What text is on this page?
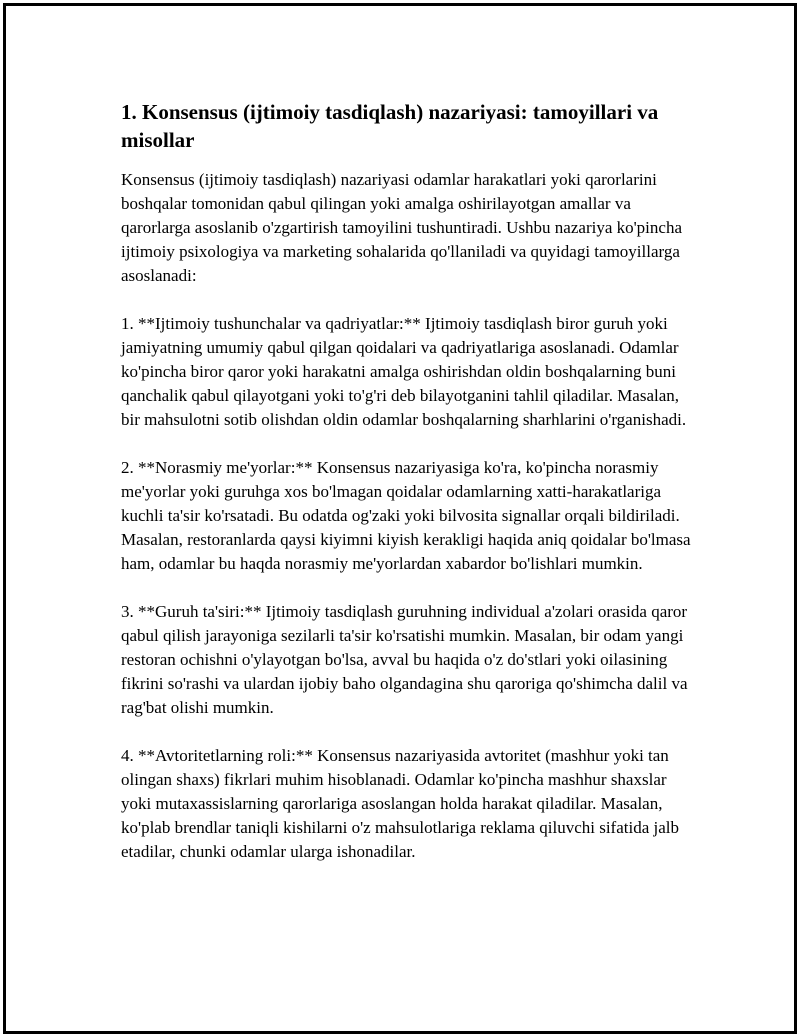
1. Konsensus (ijtimoiy tasdiqlash) nazariyasi: tamoyillari va misollar

Konsensus (ijtimoiy tasdiqlash) nazariyasi odamlar harakatlari yoki qarorlarini boshqalar tomonidan qabul qilingan yoki amalga oshirilayotgan amallar va qarorlarga asoslanib o'zgartirish tamoyilini tushuntiradi. Ushbu nazariya ko'pincha ijtimoiy psixologiya va marketing sohalarida qo'llaniladi va quyidagi tamoyillarga asoslanadi:

1. **Ijtimoiy tushunchalar va qadriyatlar:** Ijtimoiy tasdiqlash biror guruh yoki jamiyatning umumiy qabul qilgan qoidalari va qadriyatlariga asoslanadi. Odamlar ko'pincha biror qaror yoki harakatni amalga oshirishdan oldin boshqalarning buni qanchalik qabul qilayotgani yoki to'g'ri deb bilayotganini tahlil qiladilar. Masalan, bir mahsulotni sotib olishdan oldin odamlar boshqalarning sharhlarini o'rganishadi.

2. **Norasmiy me'yorlar:** Konsensus nazariyasiga ko'ra, ko'pincha norasmiy me'yorlar yoki guruhga xos bo'lmagan qoidalar odamlarning xatti-harakatlariga kuchli ta'sir ko'rsatadi. Bu odatda og'zaki yoki bilvosita signallar orqali bildiriladi. Masalan, restoranlarda qaysi kiyimni kiyish kerakligi haqida aniq qoidalar bo'lmasa ham, odamlar bu haqda norasmiy me'yorlardan xabardor bo'lishlari mumkin.

3. **Guruh ta'siri:** Ijtimoiy tasdiqlash guruhning individual a'zolari orasida qaror qabul qilish jarayoniga sezilarli ta'sir ko'rsatishi mumkin. Masalan, bir odam yangi restoran ochishni o'ylayotgan bo'lsa, avval bu haqida o'z do'stlari yoki oilasining fikrini so'rashi va ulardan ijobiy baho olgandagina shu qaroriga qo'shimcha dalil va rag'bat olishi mumkin.

4. **Avtoritetlarning roli:** Konsensus nazariyasida avtoritet (mashhur yoki tan olingan shaxs) fikrlari muhim hisoblanadi. Odamlar ko'pincha mashhur shaxslar yoki mutaxassislarning qarorlariga asoslangan holda harakat qiladilar. Masalan, ko'plab brendlar taniqli kishilarni o'z mahsulotlariga reklama qiluvchi sifatida jalb etadilar, chunki odamlar ularga ishonadilar.
